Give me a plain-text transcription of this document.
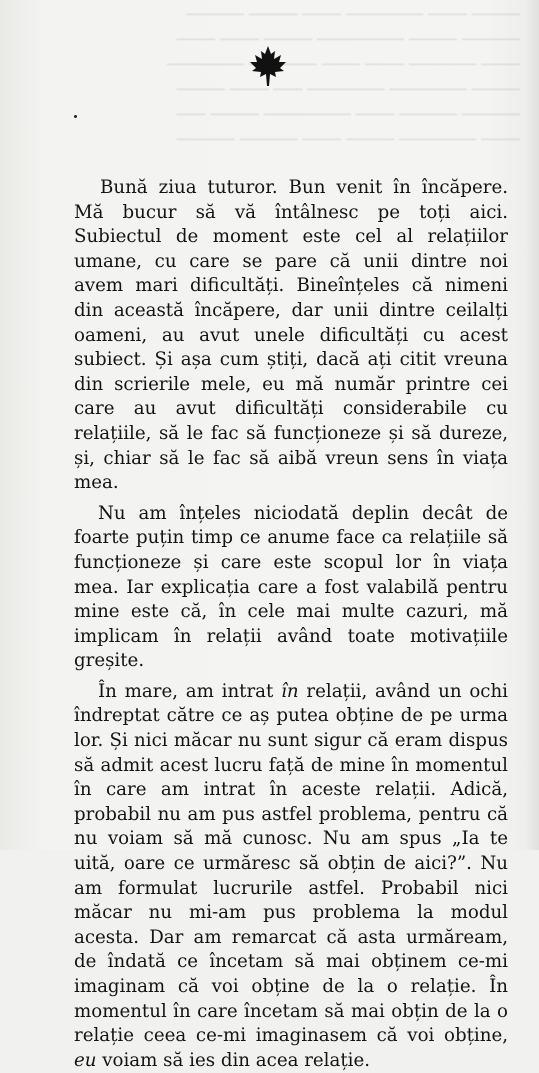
───── ──── ──────── ──── ───── ──────

────── ───── ───────── ───── ──── ────

──── ─────── ──── ──── ─────── ────────

───── ──────── ──────── ─── ──── ─────

────── ────── ──── ───────── ───── ───

──── ──────── ───── ──── ────── ──────

Bună ziua tuturor. Bun venit în încăpere. Mă bucur să vă întâlnesc pe toți aici. Subiectul de moment este cel al relațiilor umane, cu care se pare că unii dintre noi avem mari dificultăți. Bineînțeles că nimeni din această încăpere, dar unii dintre ceilalți oameni, au avut unele dificultăți cu acest subiect. Și așa cum știți, dacă ați citit vreuna din scrierile mele, eu mă număr printre cei care au avut dificultăți considerabile cu relațiile, să le fac să funcționeze și să dureze, și, chiar să le fac să aibă vreun sens în viața mea.

Nu am înțeles niciodată deplin decât de foarte puțin timp ce anume face ca relațiile să funcționeze și care este scopul lor în viața mea. Iar explicația care a fost valabilă pentru mine este că, în cele mai multe cazuri, mă implicam în relații având toate motivațiile greșite.

În mare, am intrat în relații, având un ochi îndreptat către ce aș putea obține de pe urma lor. Și nici măcar nu sunt sigur că eram dispus să admit acest lucru față de mine în momentul în care am intrat în aceste relații. Adică, probabil nu am pus astfel problema, pentru că nu voiam să mă cunosc. Nu am spus „Ia te uită, oare ce urmăresc să obțin de aici?”. Nu am formulat lucrurile astfel. Probabil nici măcar nu mi-am pus problema la modul acesta. Dar am remarcat că asta urmăream, de îndată ce încetam să mai obținem ce-mi imaginam că voi obține de la o relație. În momentul în care încetam să mai obțin de la o relație ceea ce-mi imaginasem că voi obține, eu voiam să ies din acea relație.
